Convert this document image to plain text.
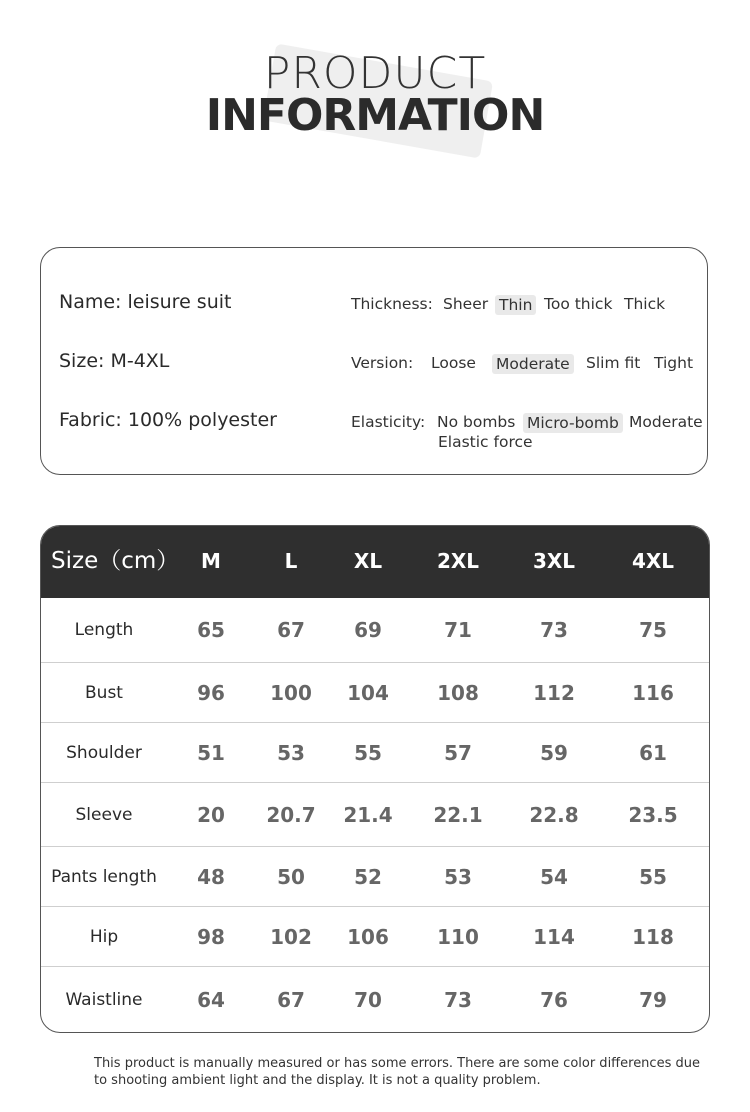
PRODUCT
INFORMATION
Name: leisure suit
Size: M-4XL
Fabric: 100% polyester
Thickness: Sheer Thin Too thick Thick
Version: Loose Moderate Slim fit Tight
Elasticity: No bombs Micro-bomb Moderate
Elastic force
Size（cm）	M	L	XL	2XL	3XL	4XL
Length	65	67	69	71	73	75
Bust	96	100	104	108	112	116
Shoulder	51	53	55	57	59	61
Sleeve	20	20.7	21.4	22.1	22.8	23.5
Pants length	48	50	52	53	54	55
Hip	98	102	106	110	114	118
Waistline	64	67	70	73	76	79
This product is manually measured or has some errors. There are some color differences due to shooting ambient light and the display. It is not a quality problem.
